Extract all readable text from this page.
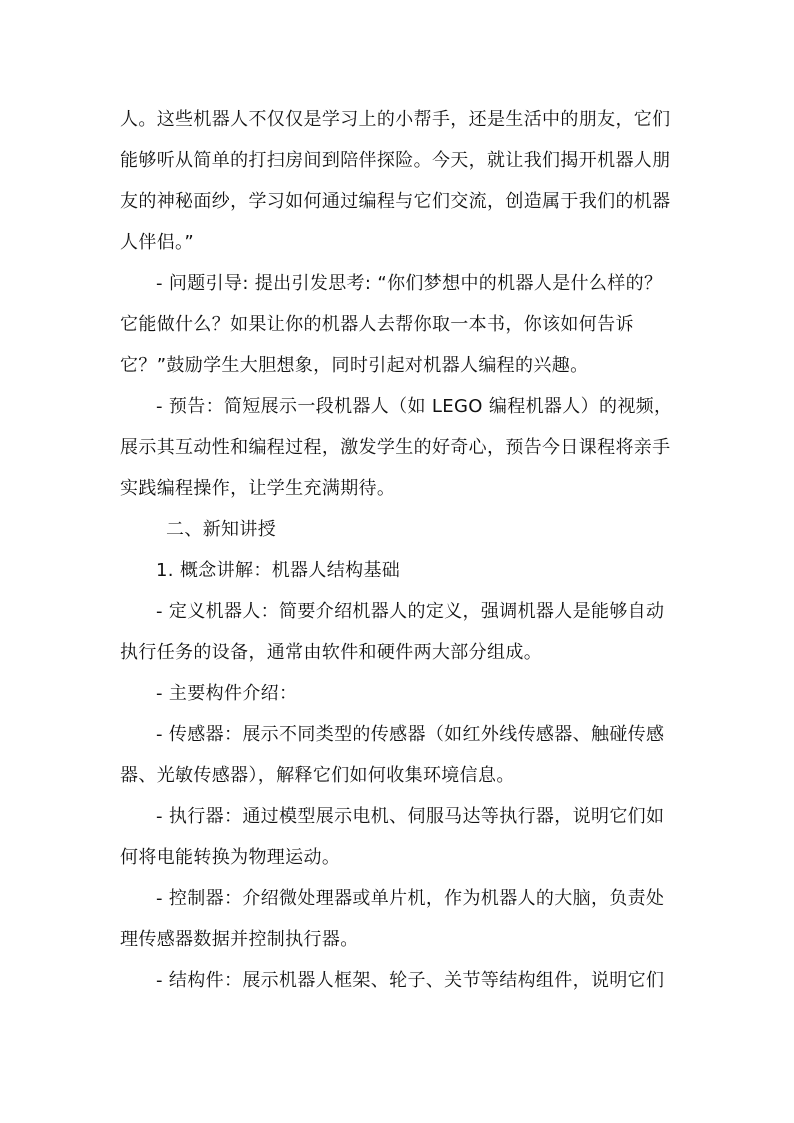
人。这些机器人不仅仅是学习上的小帮手，还是生活中的朋友，它们
能够听从简单的打扫房间到陪伴探险。今天，就让我们揭开机器人朋
友的神秘面纱，学习如何通过编程与它们交流，创造属于我们的机器
人伴侣。”
- 问题引导: 提出引发思考: “你们梦想中的机器人是什么样的？
它能做什么？如果让你的机器人去帮你取一本书，你该如何告诉
它？”鼓励学生大胆想象，同时引起对机器人编程的兴趣。
- 预告：简短展示一段机器人（如 LEGO 编程机器人）的视频，
展示其互动性和编程过程，激发学生的好奇心，预告今日课程将亲手
实践编程操作，让学生充满期待。
二、新知讲授
1. 概念讲解：机器人结构基础
- 定义机器人：简要介绍机器人的定义，强调机器人是能够自动
执行任务的设备，通常由软件和硬件两大部分组成。
- 主要构件介绍：
- 传感器：展示不同类型的传感器（如红外线传感器、触碰传感
器、光敏传感器），解释它们如何收集环境信息。
- 执行器：通过模型展示电机、伺服马达等执行器，说明它们如
何将电能转换为物理运动。
- 控制器：介绍微处理器或单片机，作为机器人的大脑，负责处
理传感器数据并控制执行器。
- 结构件：展示机器人框架、轮子、关节等结构组件，说明它们
